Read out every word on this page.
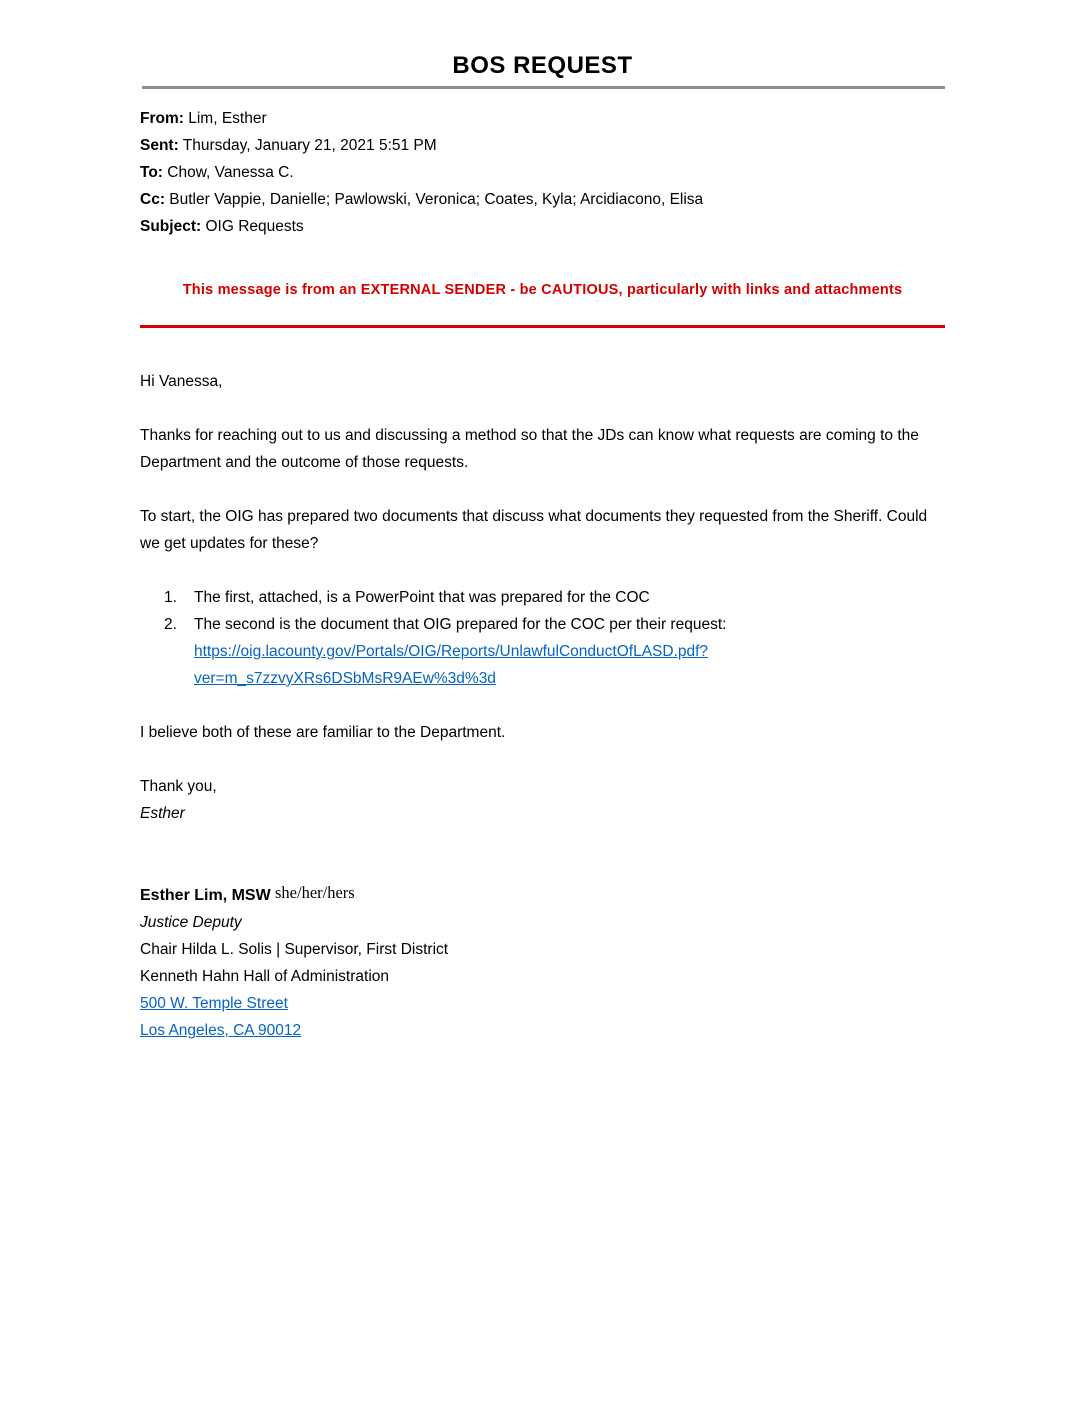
BOS REQUEST
From: Lim, Esther
Sent: Thursday, January 21, 2021 5:51 PM
To: Chow, Vanessa C.
Cc: Butler Vappie, Danielle; Pawlowski, Veronica; Coates, Kyla; Arcidiacono, Elisa
Subject: OIG Requests

This message is from an EXTERNAL SENDER - be CAUTIOUS, particularly with links and attachments

Hi Vanessa,

Thanks for reaching out to us and discussing a method so that the JDs can know what requests are coming to the Department and the outcome of those requests.

To start, the OIG has prepared two documents that discuss what documents they requested from the Sheriff. Could we get updates for these?

1.	The first, attached, is a PowerPoint that was prepared for the COC
2.	The second is the document that OIG prepared for the COC per their request:
https://oig.lacounty.gov/Portals/OIG/Reports/UnlawfulConductOfLASD.pdf?
ver=m_s7zzvyXRs6DSbMsR9AEw%3d%3d

I believe both of these are familiar to the Department.

Thank you,

Esther

Esther Lim, MSW she/her/hers
Justice Deputy
Chair Hilda L. Solis | Supervisor, First District
Kenneth Hahn Hall of Administration
500 W. Temple Street
Los Angeles, CA 90012
